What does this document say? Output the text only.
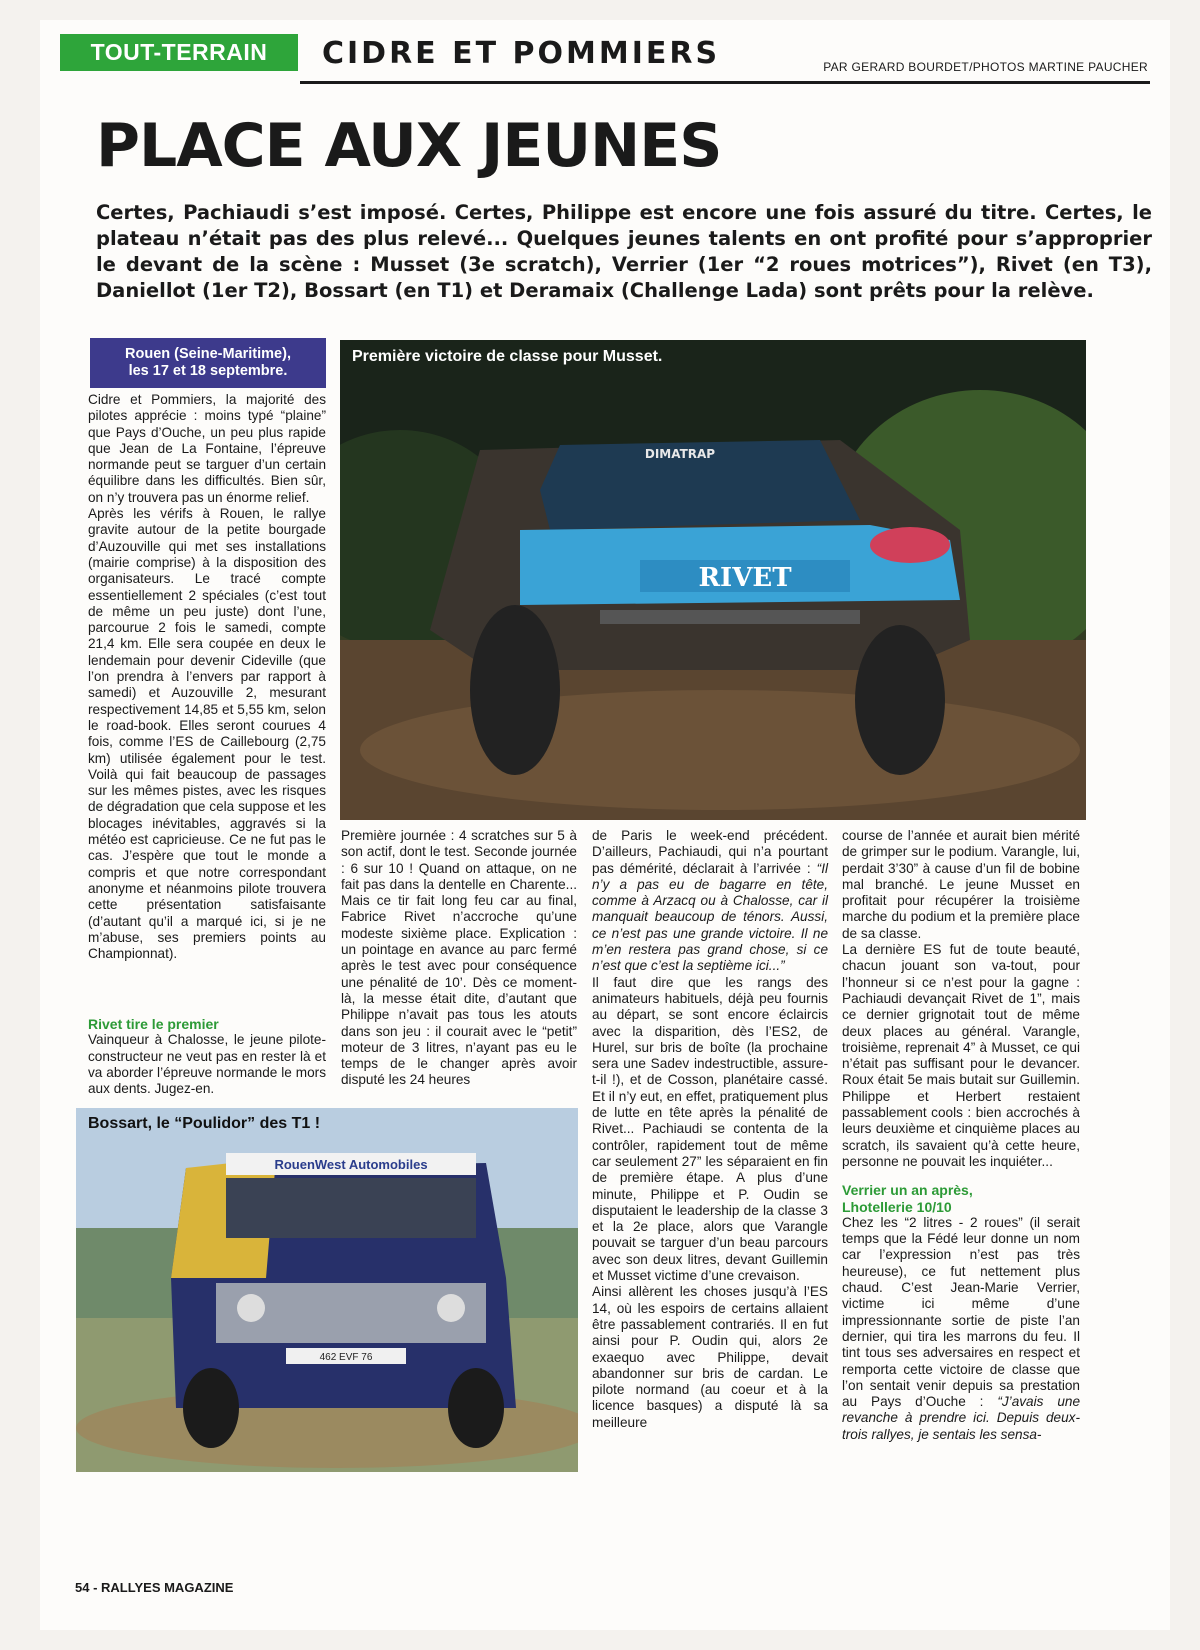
TOUT-TERRAIN	CIDRE ET POMMIERS	PAR GERARD BOURDET/PHOTOS MARTINE PAUCHER
PLACE AUX JEUNES
Certes, Pachiaudi s’est imposé. Certes, Philippe est encore une fois assuré du titre. Certes, le plateau n’était pas des plus relevé... Quelques jeunes talents en ont profité pour s’approprier le devant de la scène : Musset (3e scratch), Verrier (1er “2 roues motrices”), Rivet (en T3), Daniellot (1er T2), Bossart (en T1) et Deramaix (Challenge Lada) sont prêts pour la relève.
Rouen (Seine-Maritime),
les 17 et 18 septembre.
RIVET
DIMATRAP
Première victoire de classe pour Musset.
RouenWest Automobiles
462 EVF 76
Bossart, le “Poulidor” des T1 !

Cidre et Pommiers, la majorité des pilotes apprécie : moins typé “plaine” que Pays d’Ouche, un peu plus rapide que Jean de La Fontaine, l’épreuve normande peut se targuer d’un certain équilibre dans les difficultés. Bien sûr, on n’y trouvera pas un énorme relief.

Après les vérifs à Rouen, le rallye gravite autour de la petite bourgade d’Auzouville qui met ses installations (mairie comprise) à la disposition des organisateurs. Le tracé compte essentiellement 2 spéciales (c’est tout de même un peu juste) dont l’une, parcourue 2 fois le samedi, compte 21,4 km. Elle sera coupée en deux le lendemain pour devenir Cideville (que l’on prendra à l’envers par rapport à samedi) et Auzouville 2, mesurant respectivement 14,85 et 5,55 km, selon le road-book. Elles seront courues 4 fois, comme l’ES de Caillebourg (2,75 km) utilisée également pour le test. Voilà qui fait beaucoup de passages sur les mêmes pistes, avec les risques de dégradation que cela suppose et les blocages inévitables, aggravés si la météo est capricieuse. Ce ne fut pas le cas. J’espère que tout le monde a compris et que notre correspondant anonyme et néanmoins pilote trouvera cette présentation satisfaisante (d’autant qu’il a marqué ici, si je ne m’abuse, ses premiers points au Championnat).

Rivet tire le premier

Vainqueur à Chalosse, le jeune pilote-constructeur ne veut pas en rester là et va aborder l’épreuve normande le mors aux dents. Jugez-en.

Première journée : 4 scratches sur 5 à son actif, dont le test. Seconde journée : 6 sur 10 ! Quand on attaque, on ne fait pas dans la dentelle en Charente... Mais ce tir fait long feu car au final, Fabrice Rivet n’accroche qu’une modeste sixième place. Explication : un pointage en avance au parc fermé après le test avec pour conséquence une pénalité de 10’. Dès ce moment-là, la messe était dite, d’autant que Philippe n’avait pas tous les atouts dans son jeu : il courait avec le “petit” moteur de 3 litres, n’ayant pas eu le temps de le changer après avoir disputé les 24 heures

de Paris le week-end précédent. D’ailleurs, Pachiaudi, qui n’a pourtant pas démérité, déclarait à l’arrivée : “Il n’y a pas eu de bagarre en tête, comme à Arzacq ou à Chalosse, car il manquait beaucoup de ténors. Aussi, ce n’est pas une grande victoire. Il ne m’en restera pas grand chose, si ce n’est que c’est la septième ici...”

Il faut dire que les rangs des animateurs habituels, déjà peu fournis au départ, se sont encore éclaircis avec la disparition, dès l’ES2, de Hurel, sur bris de boîte (la prochaine sera une Sadev indestructible, assure-t-il !), et de Cosson, planétaire cassé. Et il n’y eut, en effet, pratiquement plus de lutte en tête après la pénalité de Rivet... Pachiaudi se contenta de la contrôler, rapidement tout de même car seulement 27” les séparaient en fin de première étape. A plus d’une minute, Philippe et P. Oudin se disputaient le leadership de la classe 3 et la 2e place, alors que Varangle pouvait se targuer d’un beau parcours avec son deux litres, devant Guillemin et Musset victime d’une crevaison.

Ainsi allèrent les choses jusqu’à l’ES 14, où les espoirs de certains allaient être passablement contrariés. Il en fut ainsi pour P. Oudin qui, alors 2e exaequo avec Philippe, devait abandonner sur bris de cardan. Le pilote normand (au coeur et à la licence basques) a disputé là sa meilleure

course de l’année et aurait bien mérité de grimper sur le podium. Varangle, lui, perdait 3’30” à cause d’un fil de bobine mal branché. Le jeune Musset en profitait pour récupérer la troisième marche du podium et la première place de sa classe.

La dernière ES fut de toute beauté, chacun jouant son va-tout, pour l’honneur si ce n’est pour la gagne : Pachiaudi devançait Rivet de 1”, mais ce dernier grignotait tout de même deux places au général. Varangle, troisième, reprenait 4” à Musset, ce qui n’était pas suffisant pour le devancer. Roux était 5e mais butait sur Guillemin. Philippe et Herbert restaient passablement cools : bien accrochés à leurs deuxième et cinquième places au scratch, ils savaient qu’à cette heure, personne ne pouvait les inquiéter...

Verrier un an après,
Lhotellerie 10/10

Chez les “2 litres - 2 roues” (il serait temps que la Fédé leur donne un nom car l’expression n’est pas très heureuse), ce fut nettement plus chaud. C’est Jean-Marie Verrier, victime ici même d’une impressionnante sortie de piste l’an dernier, qui tira les marrons du feu. Il tint tous ses adversaires en respect et remporta cette victoire de classe que l’on sentait venir depuis sa prestation au Pays d’Ouche : “J’avais une revanche à prendre ici. Depuis deux-trois rallyes, je sentais les sensa-

54 - RALLYES MAGAZINE
